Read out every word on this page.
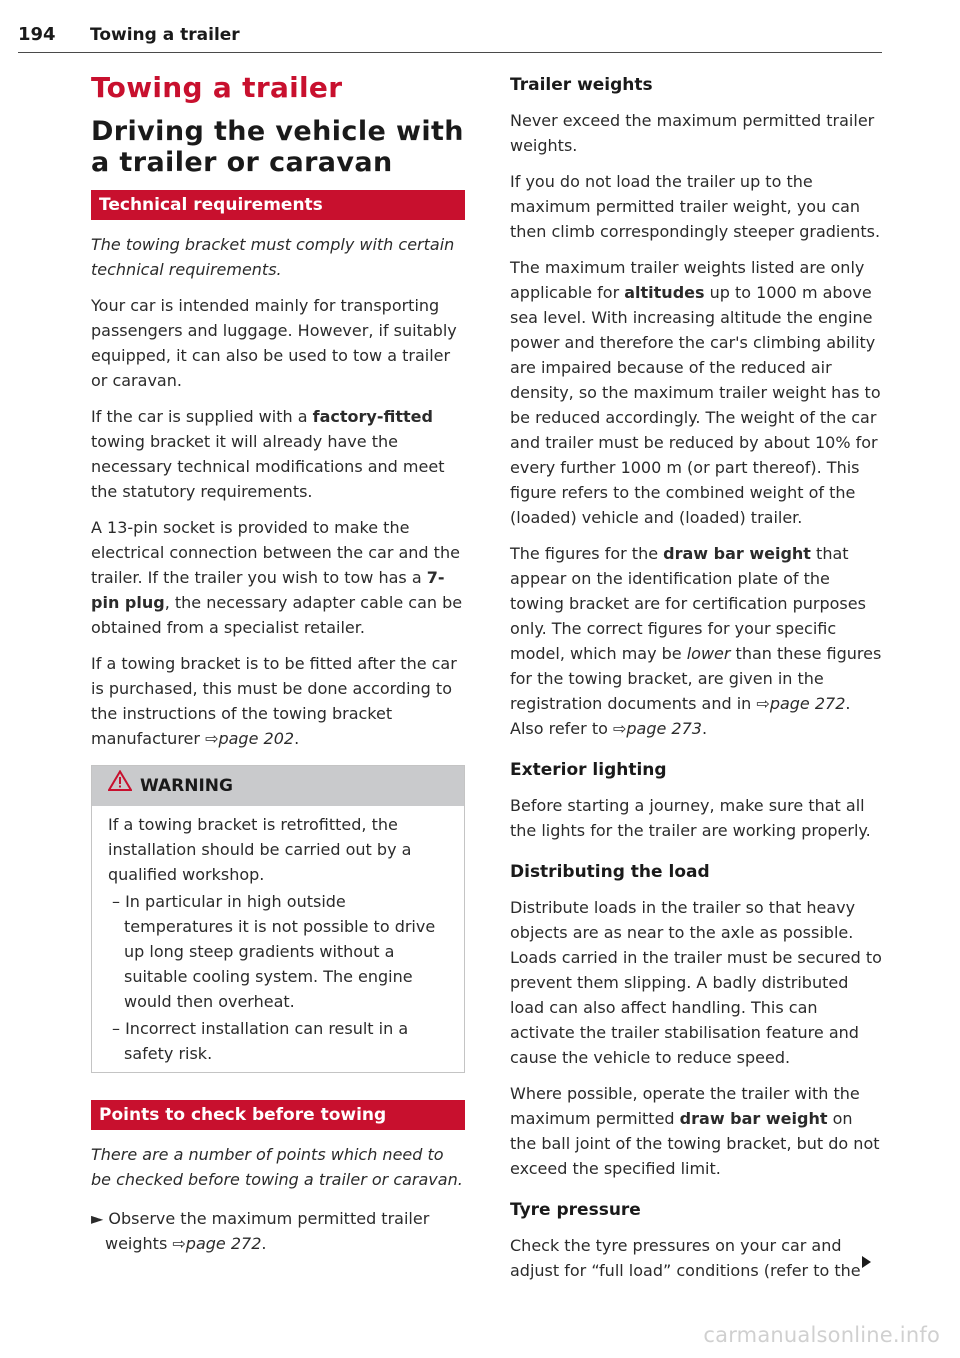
194 Towing a trailer
Towing a trailer
Driving the vehicle with a trailer or caravan
Technical requirements

The towing bracket must comply with certain technical requirements.

Your car is intended mainly for transporting passengers and luggage. However, if suitably equipped, it can also be used to tow a trailer or caravan.

If the car is supplied with a factory-fitted towing bracket it will already have the necessary technical modifications and meet the statutory requirements.

A 13-pin socket is provided to make the electrical connection between the car and the trailer. If the trailer you wish to tow has a 7-pin plug, the necessary adapter cable can be obtained from a specialist retailer.

If a towing bracket is to be fitted after the car is purchased, this must be done according to the instructions of the towing bracket manufacturer ⇨page 202.

WARNING

If a towing bracket is retrofitted, the installation should be carried out by a qualified workshop.

– In particular in high outside temperatures it is not possible to drive up long steep gradients without a suitable cooling system. The engine would then overheat.

– Incorrect installation can result in a safety risk.

Points to check before towing

There are a number of points which need to be checked before towing a trailer or caravan.

► Observe the maximum permitted trailer weights ⇨page 272.

Trailer weights

Never exceed the maximum permitted trailer weights.

If you do not load the trailer up to the maximum permitted trailer weight, you can then climb correspondingly steeper gradients.

The maximum trailer weights listed are only applicable for altitudes up to 1000 m above sea level. With increasing altitude the engine power and therefore the car's climbing ability are impaired because of the reduced air density, so the maximum trailer weight has to be reduced accordingly. The weight of the car and trailer must be reduced by about 10% for every further 1000 m (or part thereof). This figure refers to the combined weight of the (loaded) vehicle and (loaded) trailer.

The figures for the draw bar weight that appear on the identification plate of the towing bracket are for certification purposes only. The correct figures for your specific model, which may be lower than these figures for the towing bracket, are given in the registration documents and in ⇨page 272. Also refer to ⇨page 273.

Exterior lighting

Before starting a journey, make sure that all the lights for the trailer are working properly.

Distributing the load

Distribute loads in the trailer so that heavy objects are as near to the axle as possible. Loads carried in the trailer must be secured to prevent them slipping. A badly distributed load can also affect handling. This can activate the trailer stabilisation feature and cause the vehicle to reduce speed.

Where possible, operate the trailer with the maximum permitted draw bar weight on the ball joint of the towing bracket, but do not exceed the specified limit.

Tyre pressure

Check the tyre pressures on your car and adjust for “full load” conditions (refer to the

carmanualsonline.info
